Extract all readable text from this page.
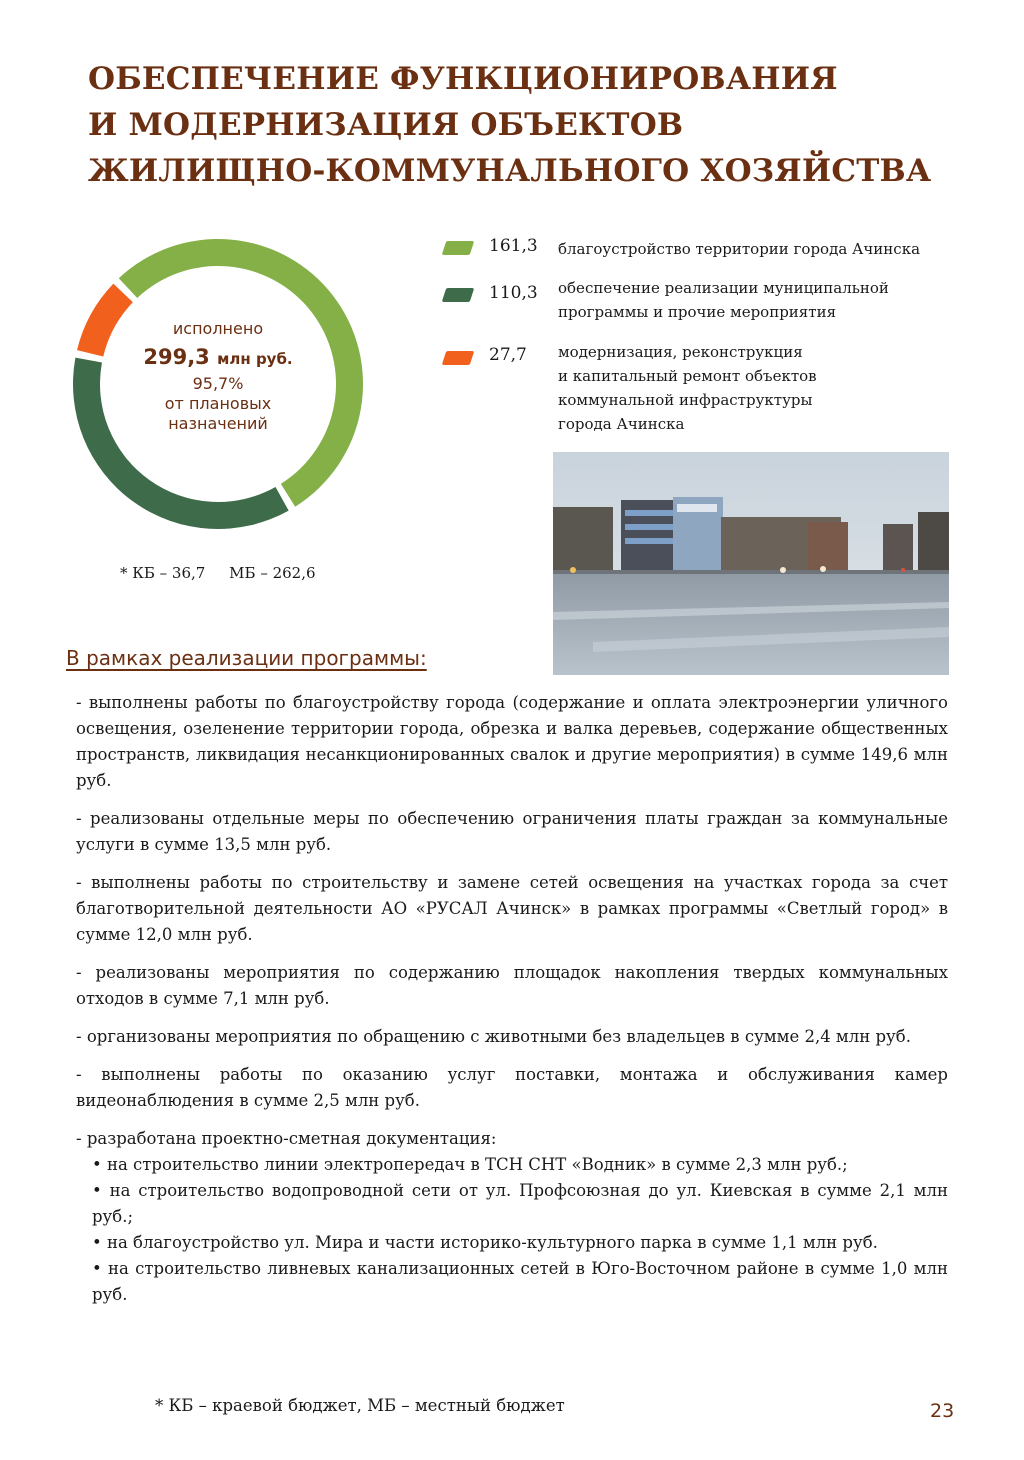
ОБЕСПЕЧЕНИЕ ФУНКЦИОНИРОВАНИЯ
И МОДЕРНИЗАЦИЯ ОБЪЕКТОВ
ЖИЛИЩНО-КОММУНАЛЬНОГО ХОЗЯЙСТВА
исполнено
299,3 млн руб.
95,7%
от плановых
назначений
* КБ – 36,7     МБ – 262,6
161,3 благоустройство территории города Ачинска
110,3 обеспечение реализации муниципальной
программы и прочие мероприятия
27,7 модернизация, реконструкция
и капитальный ремонт объектов
коммунальной инфраструктуры
города Ачинска
В рамках реализации программы:

- выполнены работы по благоустройству города (содержание и оплата электроэнергии уличного освещения, озеленение территории города, обрезка и валка деревьев, содержание общественных пространств, ликвидация несанкционированных свалок и другие мероприятия) в сумме 149,6 млн руб.

- реализованы отдельные меры по обеспечению ограничения платы граждан за коммунальные услуги в сумме 13,5 млн руб.

- выполнены работы по строительству и замене сетей освещения на участках города за счет благотворительной деятельности АО «РУСАЛ Ачинск» в рамках программы «Светлый город» в сумме 12,0 млн руб.

- реализованы мероприятия по содержанию площадок накопления твердых коммунальных отходов в сумме 7,1 млн руб.

- организованы мероприятия по обращению с животными без владельцев в сумме 2,4 млн руб.

- выполнены работы по оказанию услуг поставки, монтажа и обслуживания камер видеонаблюдения в сумме 2,5 млн руб.

- разработана проектно-сметная документация:
• на строительство линии электропередач в ТСН СНТ «Водник» в сумме 2,3 млн руб.;
• на строительство водопроводной сети от ул. Профсоюзная до ул. Киевская в сумме 2,1 млн руб.;
• на благоустройство ул. Мира и части историко-культурного парка в сумме 1,1 млн руб.
• на строительство ливневых канализационных сетей в Юго-Восточном районе в сумме 1,0 млн руб.
* КБ – краевой бюджет, МБ – местный бюджет	23
